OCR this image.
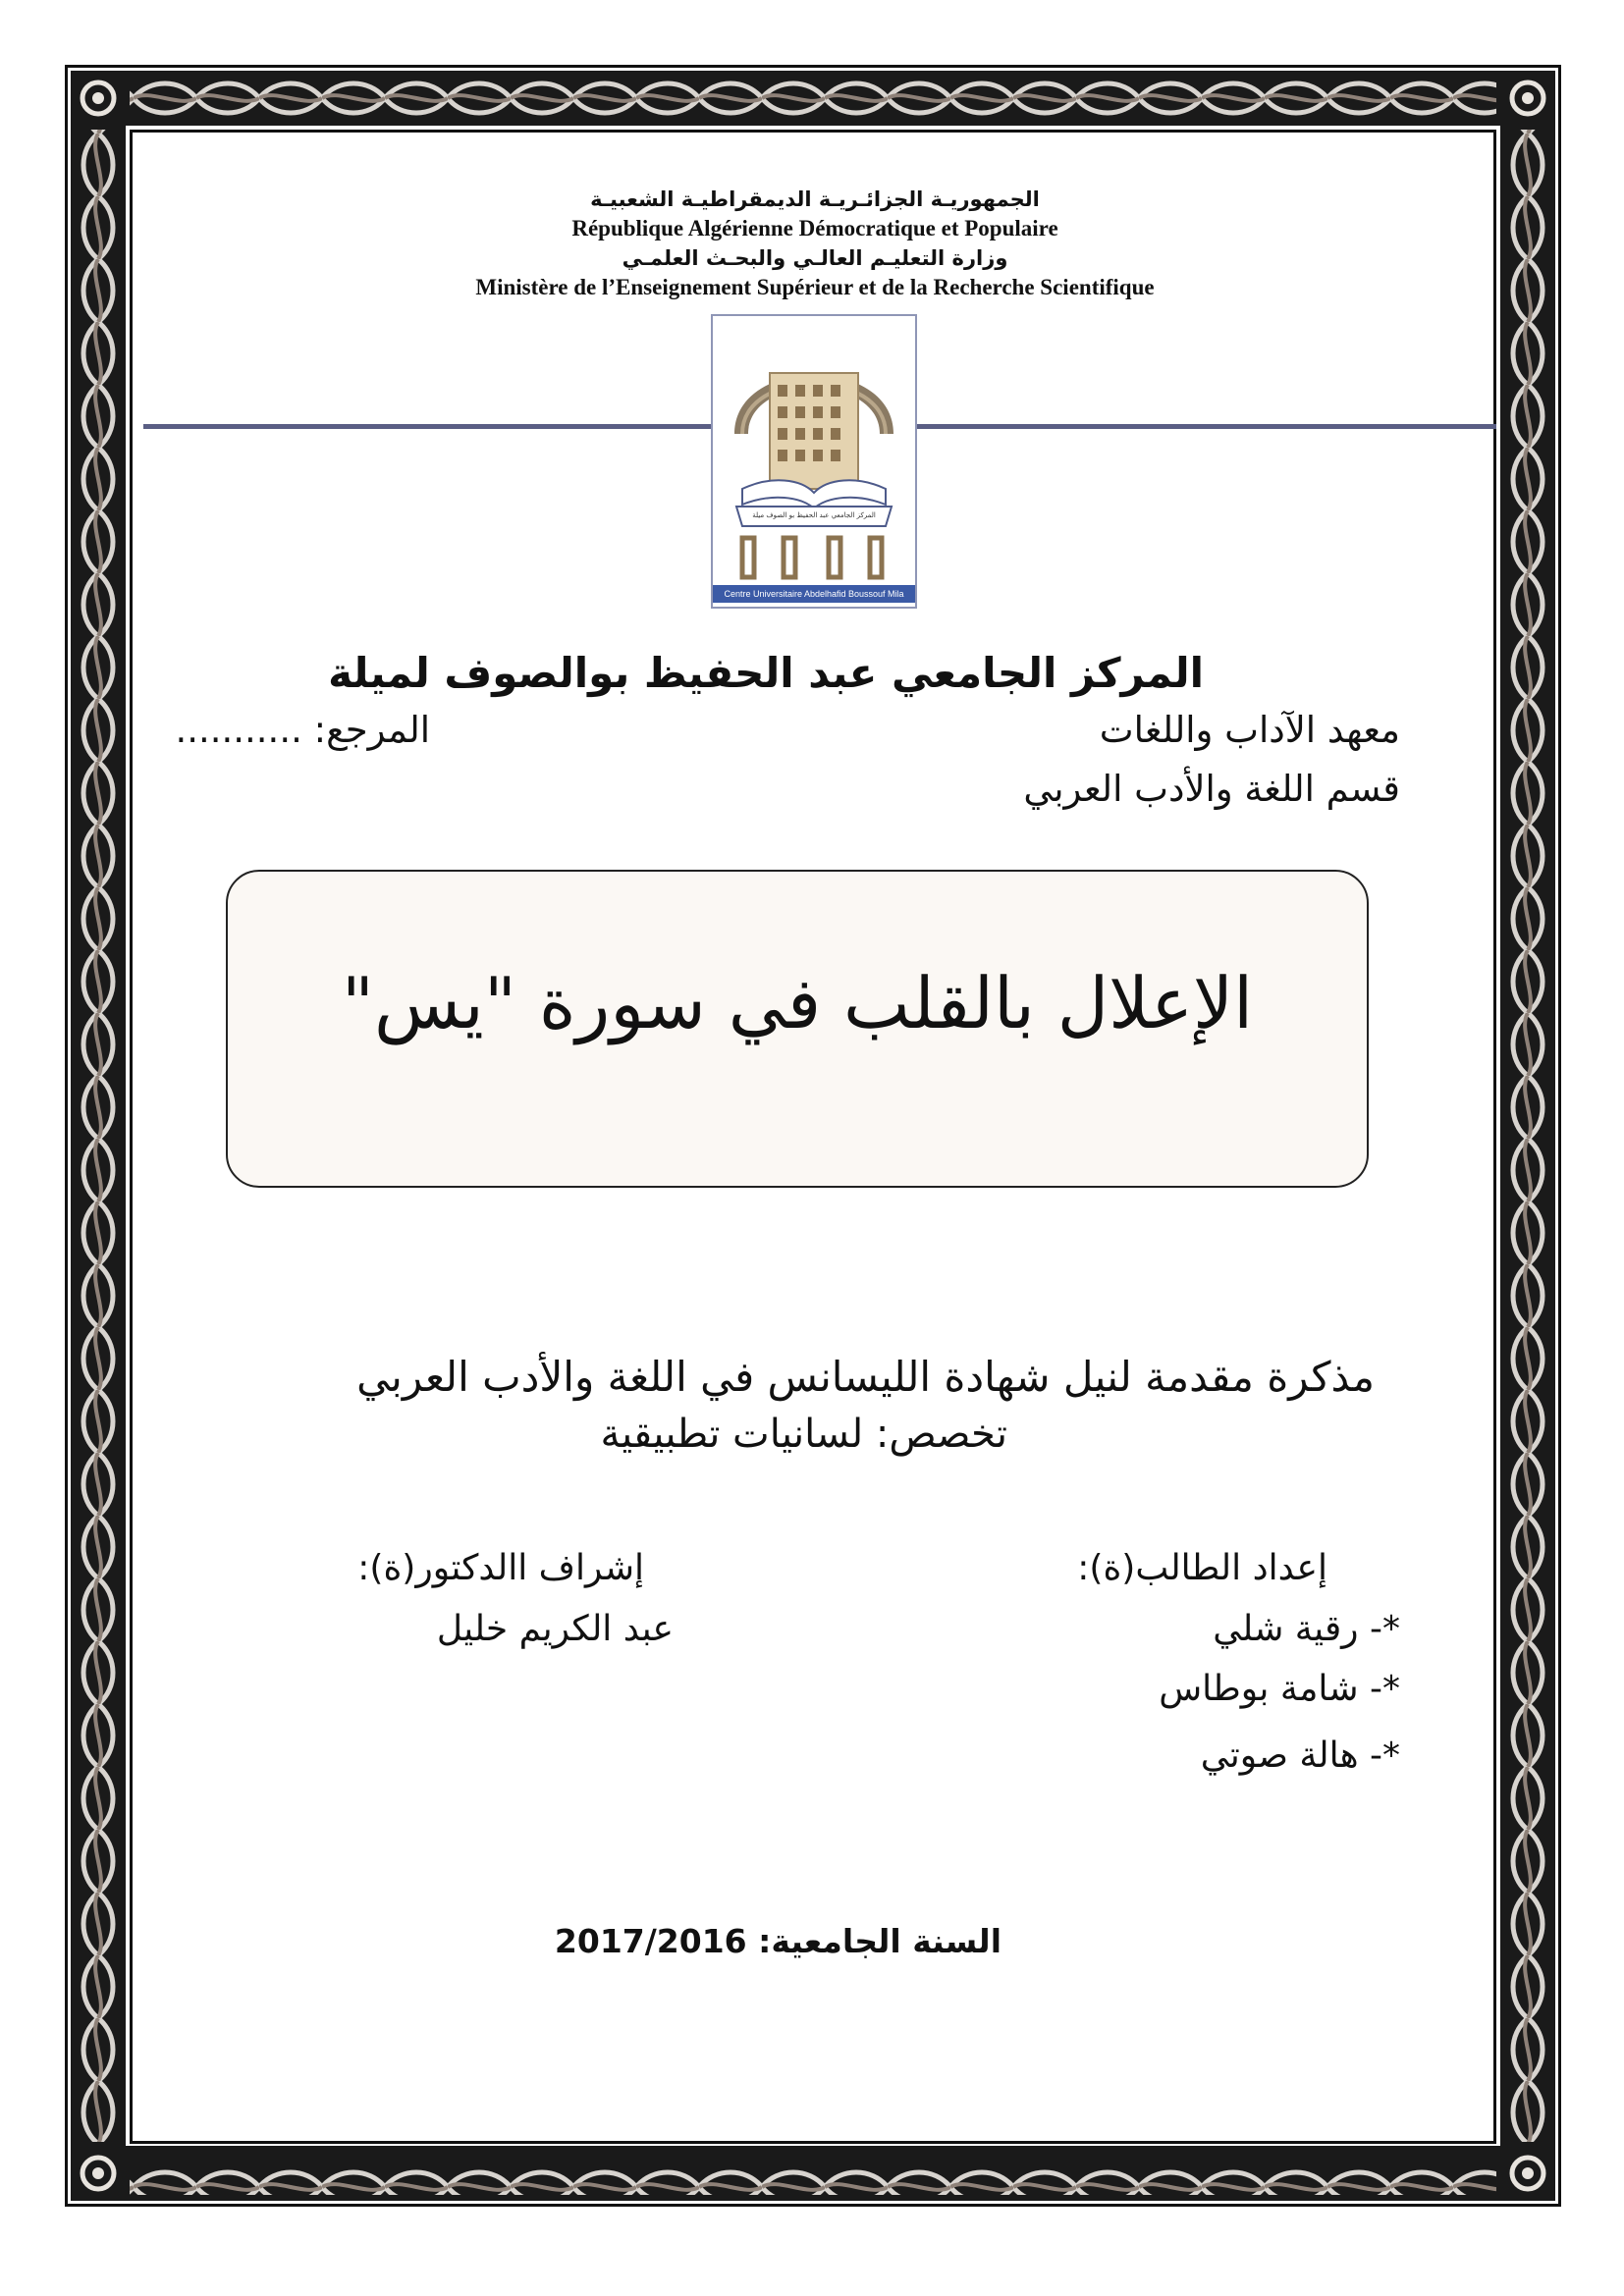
الجمهوريـة الجزائـريـة الديمقراطيـة الشعبيـة
République Algérienne Démocratique et Populaire
وزارة التعليـم العالـي والبحـث العلمـي
Ministère de l’Enseignement Supérieur et de la Recherche Scientifique
المركز الجامعي عبد الحفيظ بو الصوف ميلة
Centre Universitaire Abdelhafid Boussouf Mila
المركز الجامعي عبد الحفيظ بوالصوف لميلة
معهد الآداب واللغات
المرجع: ...........
قسم اللغة والأدب العربي
الإعلال بالقلب في سورة "يس"
مذكرة مقدمة لنيل شهادة الليسانس في اللغة والأدب العربي
تخصص: لسانيات تطبيقية
إعداد الطالب(ة):
*- رقية شلي
*- شامة بوطاس
*- هالة صوتي
إشراف االدكتور(ة):
عبد الكريم خليل
السنة الجامعية: 2017/2016
